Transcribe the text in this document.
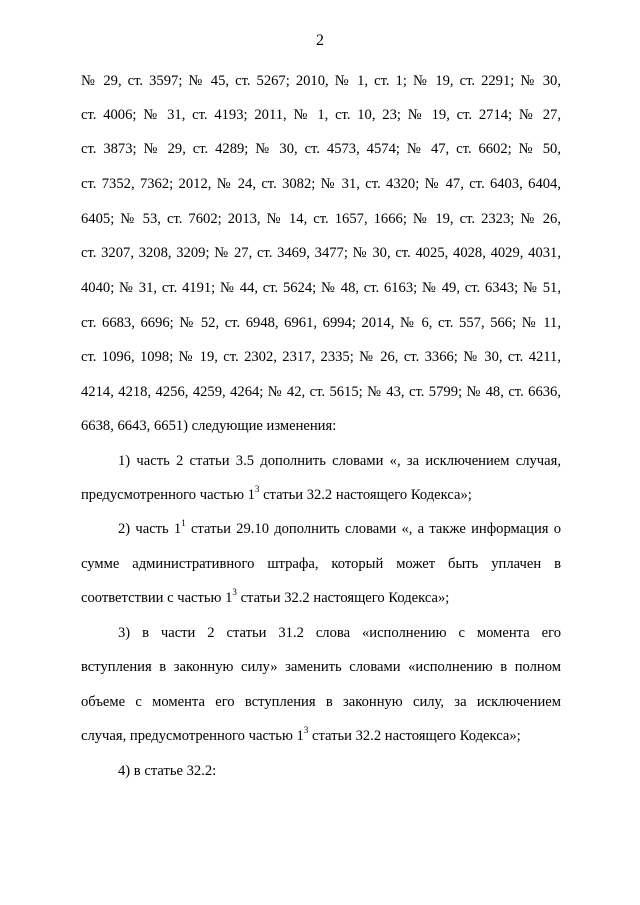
2
№ 29, ст. 3597; № 45, ст. 5267; 2010, № 1, ст. 1; № 19, ст. 2291; № 30,
ст. 4006; № 31, ст. 4193; 2011, № 1, ст. 10, 23; № 19, ст. 2714; № 27,
ст. 3873; № 29, ст. 4289; № 30, ст. 4573, 4574; № 47, ст. 6602; № 50,
ст. 7352, 7362; 2012, № 24, ст. 3082; № 31, ст. 4320; № 47, ст. 6403, 6404,
6405; № 53, ст. 7602; 2013, № 14, ст. 1657, 1666; № 19, ст. 2323; № 26,
ст. 3207, 3208, 3209; № 27, ст. 3469, 3477; № 30, ст. 4025, 4028, 4029, 4031,
4040; № 31, ст. 4191; № 44, ст. 5624; № 48, ст. 6163; № 49, ст. 6343; № 51,
ст. 6683, 6696; № 52, ст. 6948, 6961, 6994; 2014, № 6, ст. 557, 566; № 11,
ст. 1096, 1098; № 19, ст. 2302, 2317, 2335; № 26, ст. 3366; № 30, ст. 4211,
4214, 4218, 4256, 4259, 4264; № 42, ст. 5615; № 43, ст. 5799; № 48, ст. 6636,
6638, 6643, 6651) следующие изменения:
1) часть 2 статьи 3.5 дополнить словами «, за исключением случая,
предусмотренного частью $1^3$ статьи 32.2 настоящего Кодекса»;
2) часть $1^1$ статьи 29.10 дополнить словами «, а также информация о
сумме административного штрафа, который может быть уплачен в
соответствии с частью $1^3$ статьи 32.2 настоящего Кодекса»;
3) в части 2 статьи 31.2 слова «исполнению с момента его
вступления в законную силу» заменить словами «исполнению в полном
объеме с момента его вступления в законную силу, за исключением
случая, предусмотренного частью $1^3$ статьи 32.2 настоящего Кодекса»;
4) в статье 32.2:
